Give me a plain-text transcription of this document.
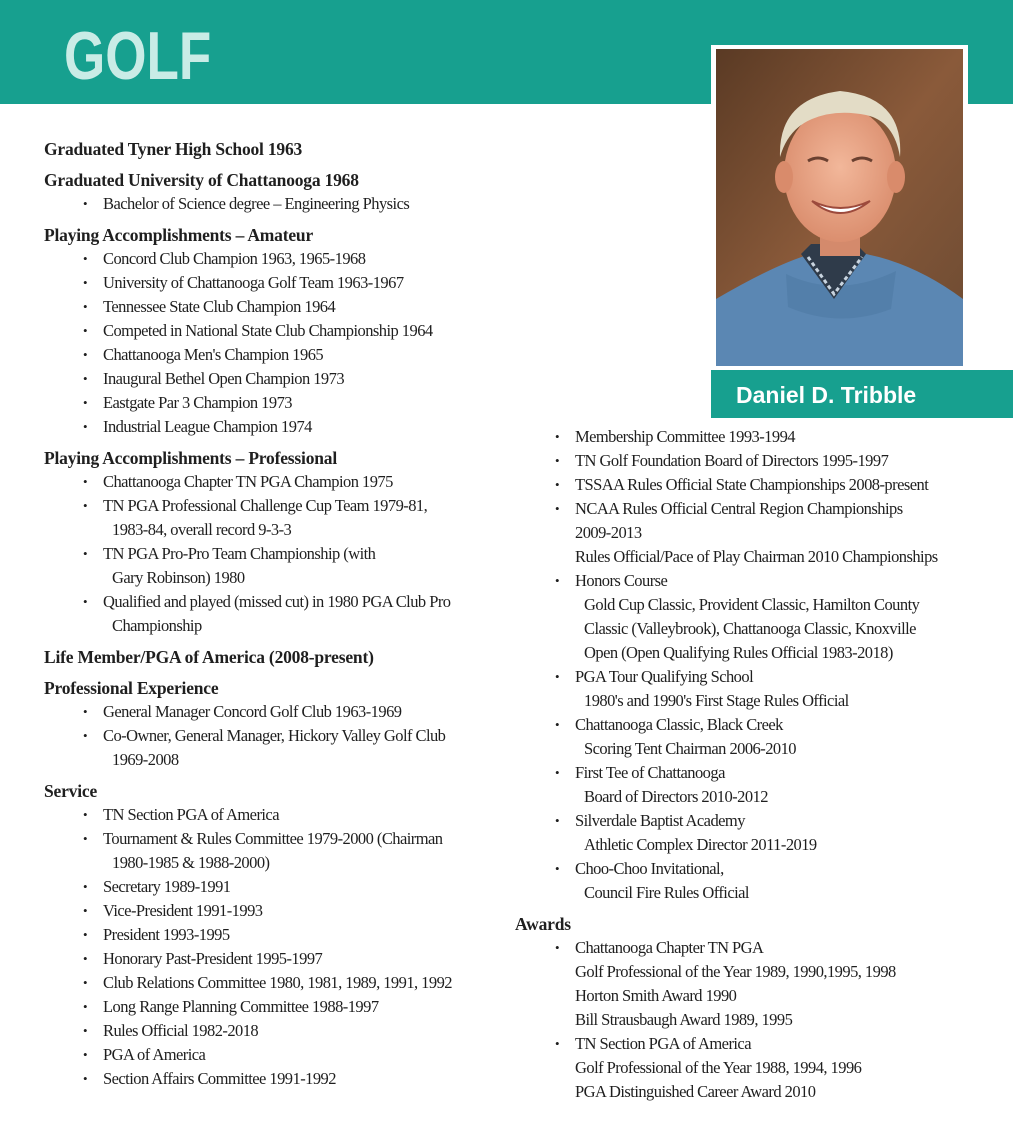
GOLF
Daniel D. Tribble
Graduated Tyner High School 1963
Graduated University of Chattanooga 1968
• Bachelor of Science degree – Engineering Physics
Playing Accomplishments – Amateur
• Concord Club Champion 1963, 1965-1968
• University of Chattanooga Golf Team 1963-1967
• Tennessee State Club Champion 1964
• Competed in National State Club Championship 1964
• Chattanooga Men's Champion 1965
• Inaugural Bethel Open Champion 1973
• Eastgate Par 3 Champion 1973
• Industrial League Champion 1974
Playing Accomplishments – Professional
• Chattanooga Chapter TN PGA Champion 1975
• TN PGA Professional Challenge Cup Team 1979-81,
1983-84, overall record 9-3-3
• TN PGA Pro-Pro Team Championship (with
Gary Robinson) 1980
• Qualified and played (missed cut) in 1980 PGA Club Pro
Championship
Life Member/PGA of America (2008-present)
Professional Experience
• General Manager Concord Golf Club 1963-1969
• Co-Owner, General Manager, Hickory Valley Golf Club
1969-2008
Service
• TN Section PGA of America
• Tournament & Rules Committee 1979-2000 (Chairman
1980-1985 & 1988-2000)
• Secretary 1989-1991
• Vice-President 1991-1993
• President 1993-1995
• Honorary Past-President 1995-1997
• Club Relations Committee 1980, 1981, 1989, 1991, 1992
• Long Range Planning Committee 1988-1997
• Rules Official 1982-2018
• PGA of America
• Section Affairs Committee 1991-1992
• Membership Committee 1993-1994
• TN Golf Foundation Board of Directors 1995-1997
• TSSAA Rules Official State Championships 2008-present
• NCAA Rules Official Central Region Championships
2009-2013
Rules Official/Pace of Play Chairman 2010 Championships
• Honors Course
Gold Cup Classic, Provident Classic, Hamilton County
Classic (Valleybrook), Chattanooga Classic, Knoxville
Open (Open Qualifying Rules Official 1983-2018)
• PGA Tour Qualifying School
1980's and 1990's First Stage Rules Official
• Chattanooga Classic, Black Creek
Scoring Tent Chairman 2006-2010
• First Tee of Chattanooga
Board of Directors 2010-2012
• Silverdale Baptist Academy
Athletic Complex Director 2011-2019
• Choo-Choo Invitational,
Council Fire Rules Official
Awards
• Chattanooga Chapter TN PGA
Golf Professional of the Year 1989, 1990,1995, 1998
Horton Smith Award 1990
Bill Strausbaugh Award 1989, 1995
• TN Section PGA of America
Golf Professional of the Year 1988, 1994, 1996
PGA Distinguished Career Award 2010
